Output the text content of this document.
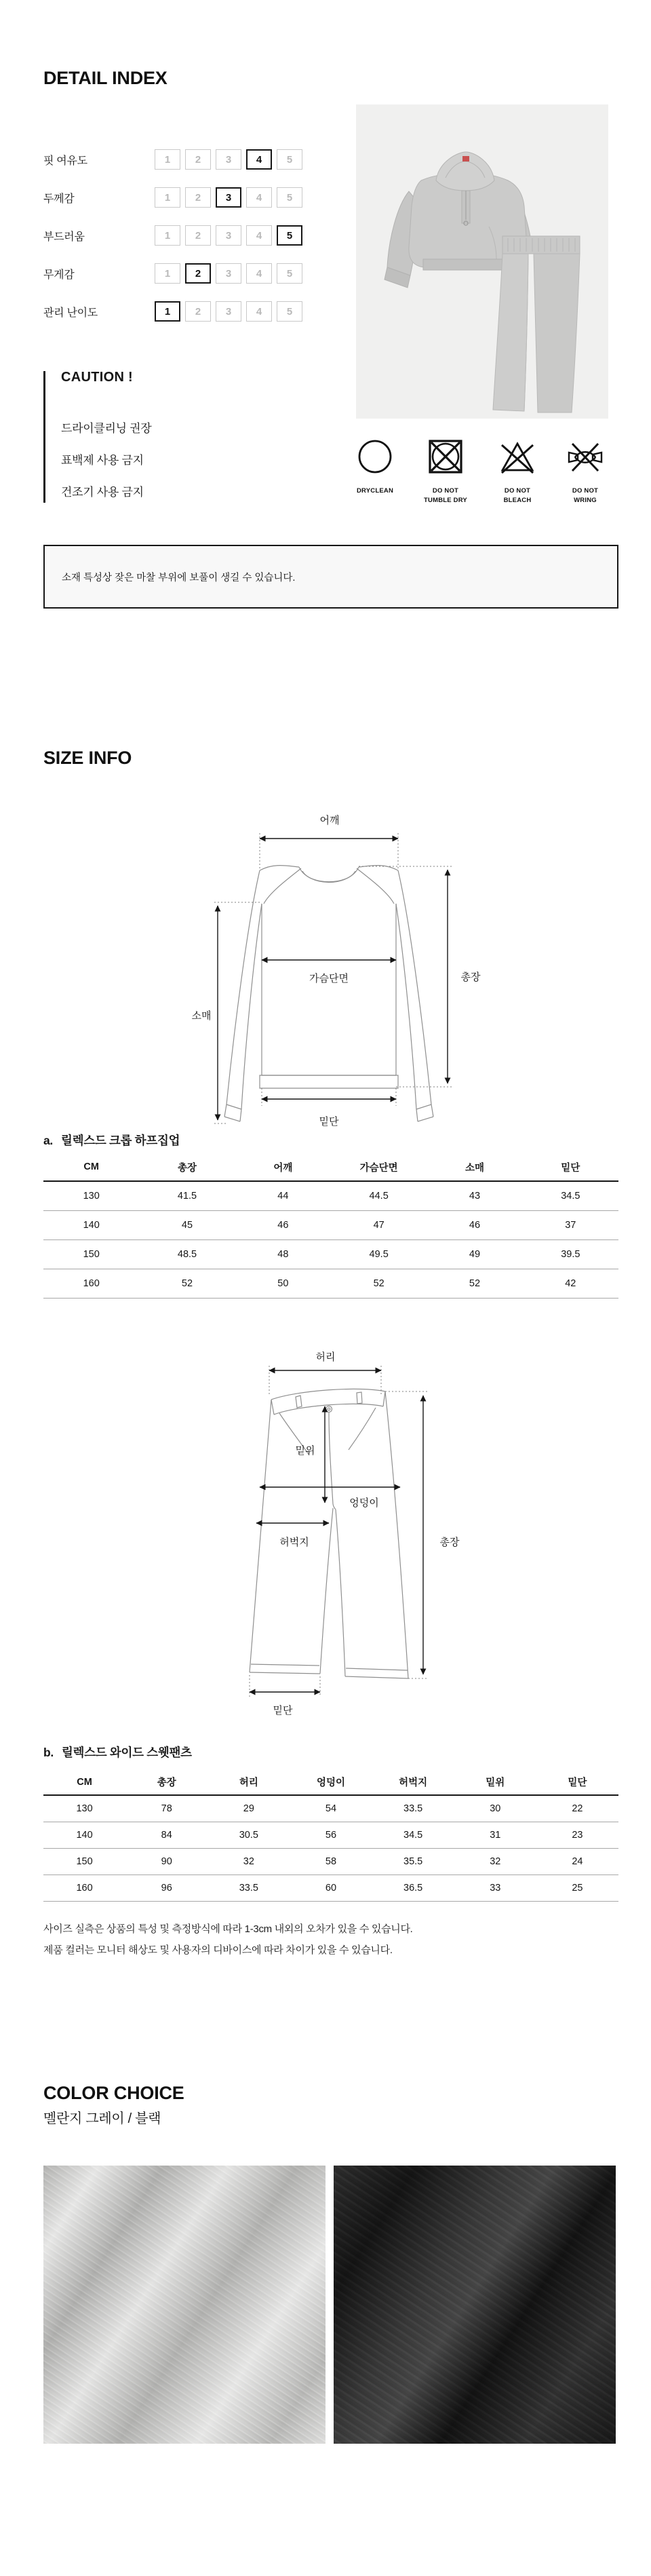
DETAIL INDEX
핏 여유도	1	2	3	4	5
두께감	1	2	3	4	5
부드러움	1	2	3	4	5
무게감	1	2	3	4	5
관리 난이도	1	2	3	4	5
CAUTION !
드라이클리닝 권장
표백제 사용 금지
건조기 사용 금지	DRYCLEAN	DO NOT
TUMBLE DRY
DO NOT
BLEACH
DO NOT
WRING
소재 특성상 잦은 마찰 부위에 보풀이 생길 수 있습니다.
SIZE INFO
어깨
가슴단면	총장
소매
밑단
a. 릴렉스드 크롭 하프집업
CM	총장	어깨	가슴단면	소매	밑단
130	41.5	44	44.5	43	34.5
140	45	46	47	46	37
150	48.5	48	49.5	49	39.5
160	52	50	52	52	42
허리
밑위
엉덩이
허벅지	총장
밑단
b. 릴렉스드 와이드 스웻팬츠
CM	총장	허리	엉덩이	허벅지	밑위	밑단
130	78	29	54	33.5	30	22
140	84	30.5	56	34.5	31	23
150	90	32	58	35.5	32	24
160	96	33.5	60	36.5	33	25
사이즈 실측은 상품의 특성 및 측정방식에 따라 1-3cm 내외의 오차가 있을 수 있습니다.
제품 컬러는 모니터 해상도 및 사용자의 디바이스에 따라 차이가 있을 수 있습니다.
COLOR CHOICE
멜란지 그레이 / 블랙
